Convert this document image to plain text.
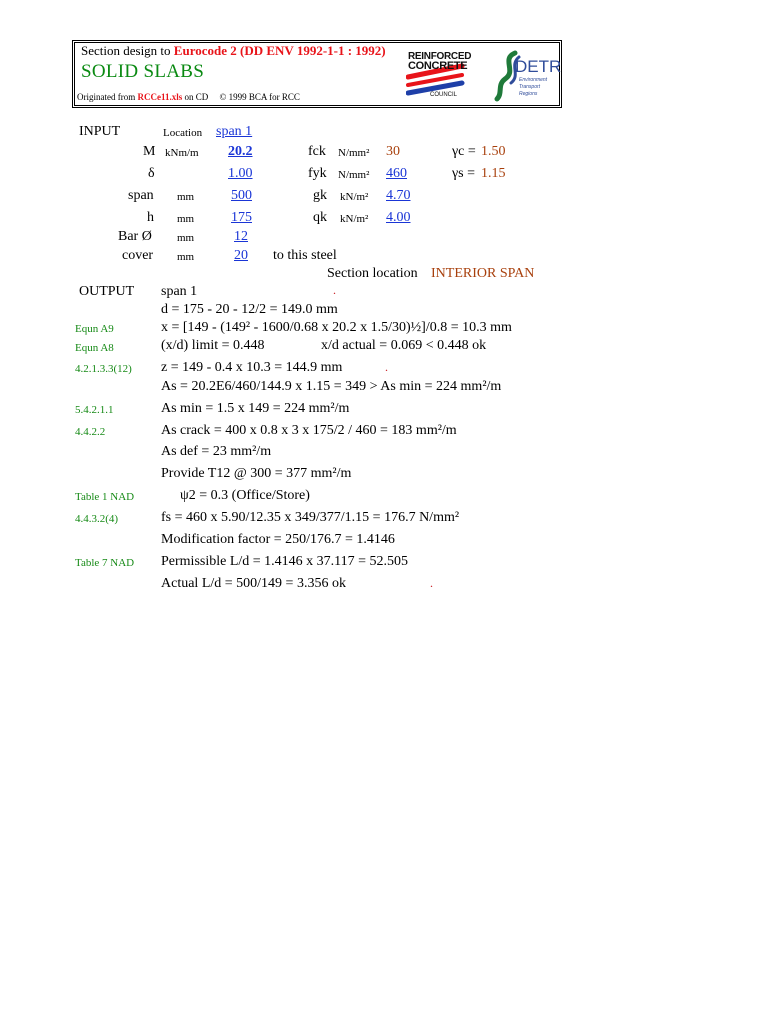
Section design to Eurocode 2 (DD ENV 1992-1-1 : 1992)
SOLID SLABS
Originated from RCCe11.xls on CD © 1999 BCA for RCC
REINFORCED
CONCRETE
COUNCIL
DETR
Environment
Transport
Regions
INPUT	Location span 1
M kNm/m 20.2	fck N/mm² 30	γc = 1.50
δ	1.00	fyk N/mm² 460	γs = 1.15
span mm	500	gk kN/m² 4.70
h mm	175	qk kN/m² 4.00
Bar Ø mm	12
cover mm	20 to this steel
Section location INTERIOR SPAN
OUTPUT span 1	.
d = 175 - 20 - 12/2 = 149.0 mm
Equn A9	x = [149 - (149² - 1600/0.68 x 20.2 x 1.5/30)½]/0.8 = 10.3 mm
Equn A8	(x/d) limit = 0.448	x/d actual = 0.069 < 0.448 ok
4.2.1.3.3(12) z = 149 - 0.4 x 10.3 = 144.9 mm	.
As = 20.2E6/460/144.9 x 1.15 = 349 > As min = 224 mm²/m
5.4.2.1.1	As min = 1.5 x 149 = 224 mm²/m
4.4.2.2	As crack = 400 x 0.8 x 3 x 175/2 / 460 = 183 mm²/m
As def = 23 mm²/m
Provide T12 @ 300 = 377 mm²/m
Table 1 NAD	ψ2 = 0.3 (Office/Store)
4.4.3.2(4)	fs = 460 x 5.90/12.35 x 349/377/1.15 = 176.7 N/mm²
Modification factor = 250/176.7 = 1.4146
Table 7 NAD Permissible L/d = 1.4146 x 37.117 = 52.505
Actual L/d = 500/149 = 3.356 ok	.
